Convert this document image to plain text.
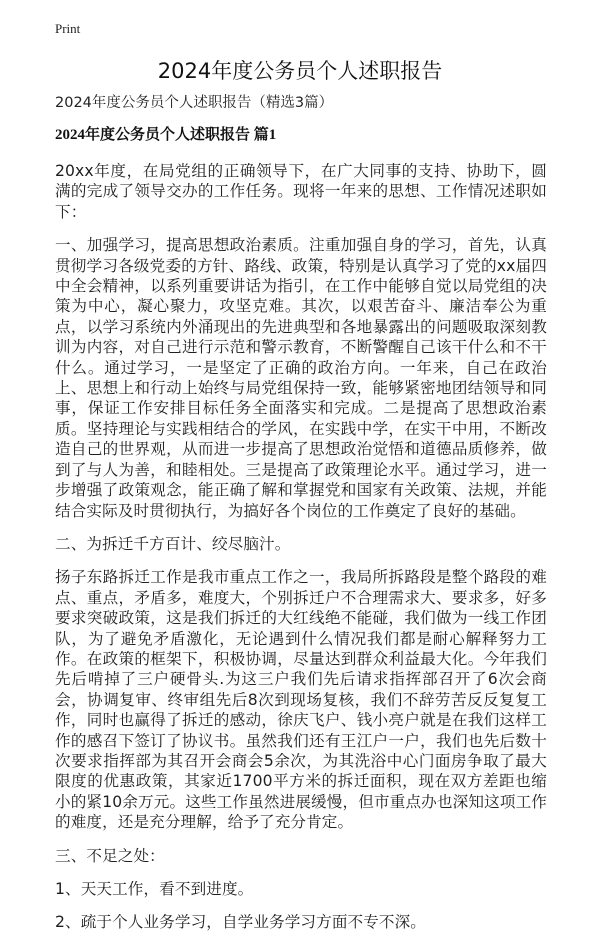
Print
2024年度公务员个人述职报告

2024年度公务员个人述职报告（精选3篇）

2024年度公务员个人述职报告 篇1

20xx年度，在局党组的正确领导下，在广大同事的支持、协助下，圆满的完成了领导交办的工作任务。现将一年来的思想、工作情况述职如下：

一、加强学习，提高思想政治素质。注重加强自身的学习，首先，认真贯彻学习各级党委的方针、路线、政策，特别是认真学习了党的xx届四中全会精神，以系列重要讲话为指引，在工作中能够自觉以局党组的决策为中心，凝心聚力，攻坚克难。其次，以艰苦奋斗、廉洁奉公为重点，以学习系统内外涌现出的先进典型和各地暴露出的问题吸取深刻教训为内容，对自己进行示范和警示教育，不断警醒自己该干什么和不干什么。通过学习，一是坚定了正确的政治方向。一年来，自己在政治上、思想上和行动上始终与局党组保持一致，能够紧密地团结领导和同事，保证工作安排目标任务全面落实和完成。二是提高了思想政治素质。坚持理论与实践相结合的学风，在实践中学，在实干中用，不断改造自己的世界观，从而进一步提高了思想政治觉悟和道德品质修养，做到了与人为善，和睦相处。三是提高了政策理论水平。通过学习，进一步增强了政策观念，能正确了解和掌握党和国家有关政策、法规，并能结合实际及时贯彻执行，为搞好各个岗位的工作奠定了良好的基础。

二、为拆迁千方百计、绞尽脑汁。

扬子东路拆迁工作是我市重点工作之一，我局所拆路段是整个路段的难点、重点，矛盾多，难度大，个别拆迁户不合理需求大、要求多，好多要求突破政策，这是我们拆迁的大红线绝不能碰，我们做为一线工作团队，为了避免矛盾激化，无论遇到什么情况我们都是耐心解释努力工作。在政策的框架下，积极协调，尽量达到群众利益最大化。今年我们先后啃掉了三户硬骨头.为这三户我们先后请求指挥部召开了6次会商会，协调复审、终审组先后8次到现场复核，我们不辞劳苦反反复复工作，同时也赢得了拆迁的感动，徐庆飞户、钱小亮户就是在我们这样工作的感召下签订了协议书。虽然我们还有王江户一户，我们也先后数十次要求指挥部为其召开会商会5余次，为其洗浴中心门面房争取了最大限度的优惠政策，其家近1700平方米的拆迁面积，现在双方差距也缩小的紧10余万元。这些工作虽然进展缓慢，但市重点办也深知这项工作的难度，还是充分理解，给予了充分肯定。

三、不足之处：

1、天天工作，看不到进度。

2、疏于个人业务学习，自学业务学习方面不专不深。
